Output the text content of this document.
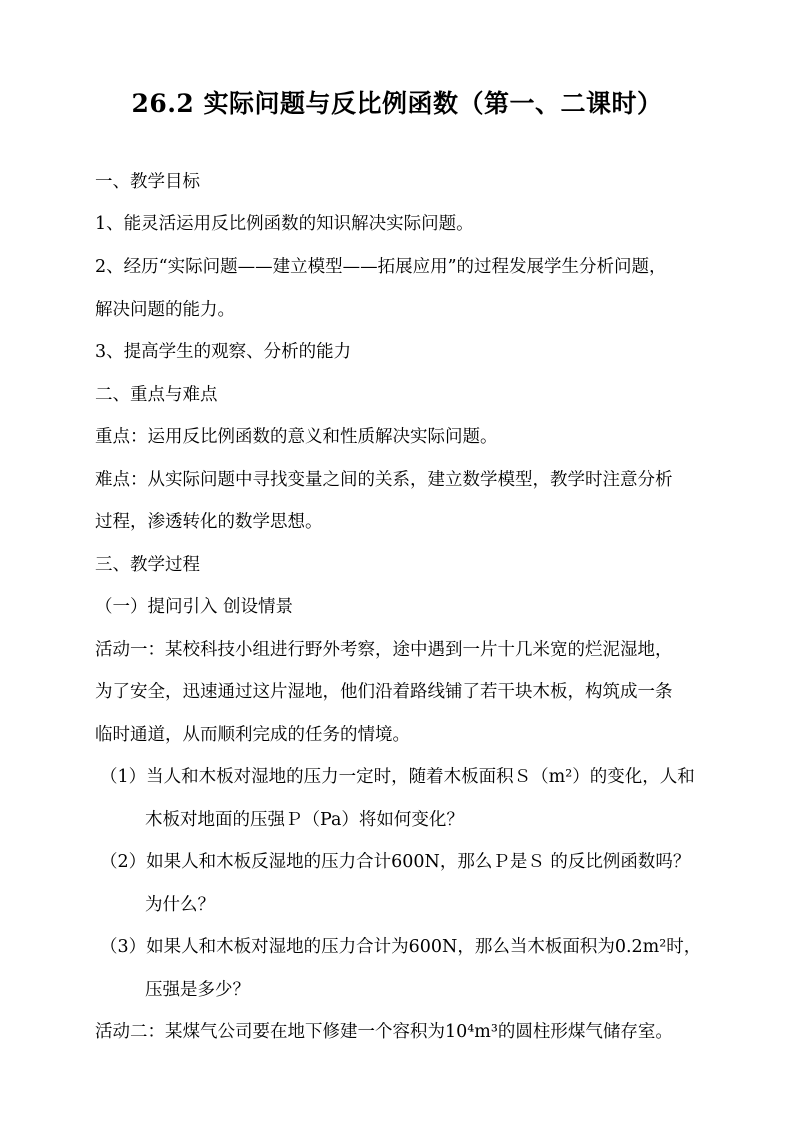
26.2 实际问题与反比例函数（第一、二课时）
一、教学目标
1、能灵活运用反比例函数的知识解决实际问题。
2、经历“实际问题——建立模型——拓展应用”的过程发展学生分析问题，
解决问题的能力。
3、提高学生的观察、分析的能力
二、重点与难点
重点：运用反比例函数的意义和性质解决实际问题。
难点：从实际问题中寻找变量之间的关系，建立数学模型，教学时注意分析
过程，渗透转化的数学思想。
三、教学过程
（一）提问引入 创设情景
活动一：某校科技小组进行野外考察，途中遇到一片十几米宽的烂泥湿地，
为了安全，迅速通过这片湿地，他们沿着路线铺了若干块木板，构筑成一条
临时通道，从而顺利完成的任务的情境。
（1）当人和木板对湿地的压力一定时，随着木板面积Ｓ（m²）的变化，人和
木板对地面的压强Ｐ（Pa）将如何变化？
（2）如果人和木板反湿地的压力合计600N，那么Ｐ是Ｓ 的反比例函数吗？
为什么？
（3）如果人和木板对湿地的压力合计为600N，那么当木板面积为0.2m²时，
压强是多少？
活动二：某煤气公司要在地下修建一个容积为10⁴m³的圆柱形煤气储存室。
